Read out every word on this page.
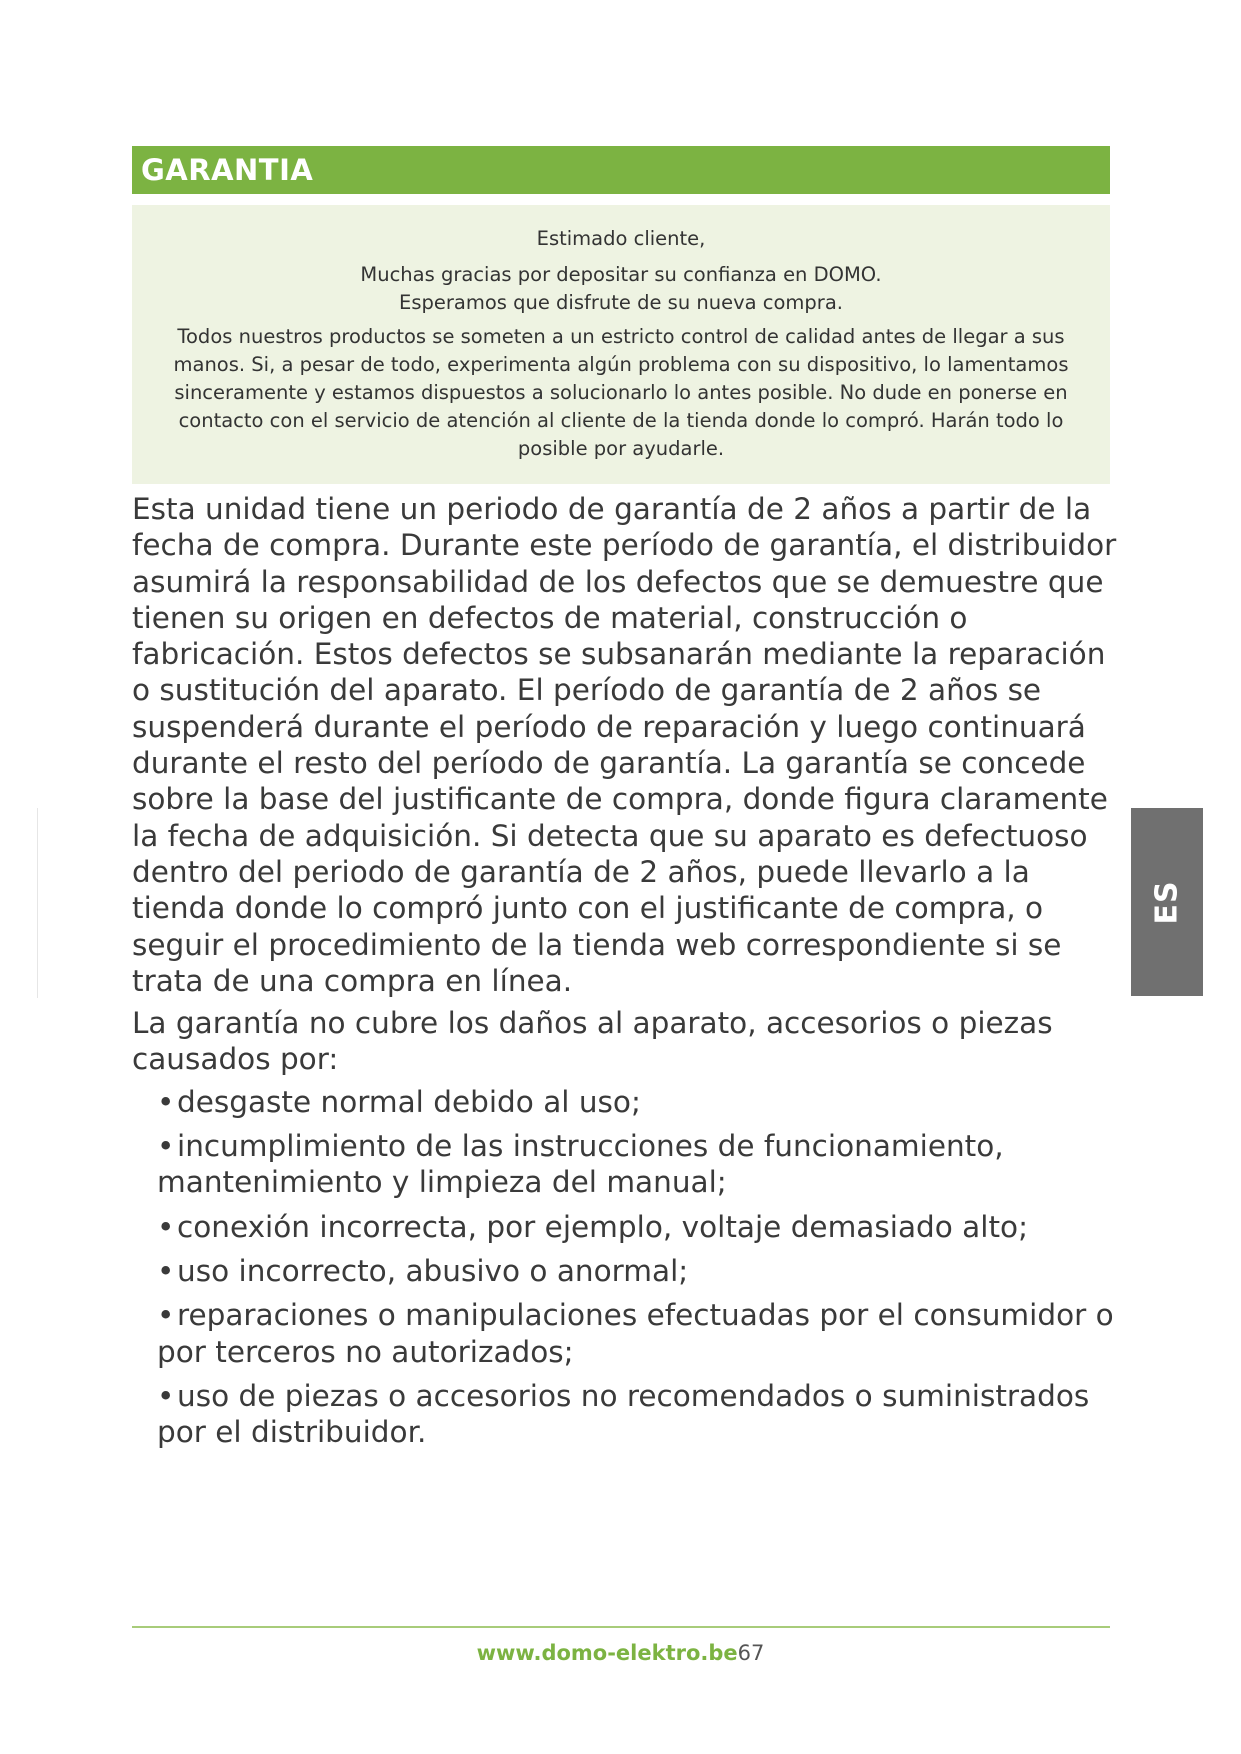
GARANTIA

Estimado cliente,

Muchas gracias por depositar su confianza en DOMO.

Esperamos que disfrute de su nueva compra.

Todos nuestros productos se someten a un estricto control de calidad antes de llegar a sus manos. Si, a pesar de todo, experimenta algún problema con su dispositivo, lo lamentamos sinceramente y estamos dispuestos a solucionarlo lo antes posible. No dude en ponerse en contacto con el servicio de atención al cliente de la tienda donde lo compró. Harán todo lo posible por ayudarle.

Esta unidad tiene un periodo de garantía de 2 años a partir de la fecha de compra. Durante este período de garantía, el distribuidor asumirá la responsabilidad de los defectos que se demuestre que tienen su origen en defectos de material, construcción o fabricación. Estos defectos se subsanarán mediante la reparación o sustitución del aparato. El período de garantía de 2 años se suspenderá durante el período de reparación y luego continuará durante el resto del período de garantía. La garantía se concede sobre la base del justificante de compra, donde figura claramente la fecha de adquisición. Si detecta que su aparato es defectuoso dentro del periodo de garantía de 2 años, puede llevarlo a la tienda donde lo compró junto con el justificante de compra, o seguir el procedimiento de la tienda web correspondiente si se trata de una compra en línea.

La garantía no cubre los daños al aparato, accesorios o piezas causados por:

•desgaste normal debido al uso;
•incumplimiento de las instrucciones de funcionamiento, mantenimiento y limpieza del manual;
•conexión incorrecta, por ejemplo, voltaje demasiado alto;
•uso incorrecto, abusivo o anormal;
•reparaciones o manipulaciones efectuadas por el consumidor o por terceros no autorizados;
•uso de piezas o accesorios no recomendados o suministrados por el distribuidor.
ES
www.domo-elektro.be67
